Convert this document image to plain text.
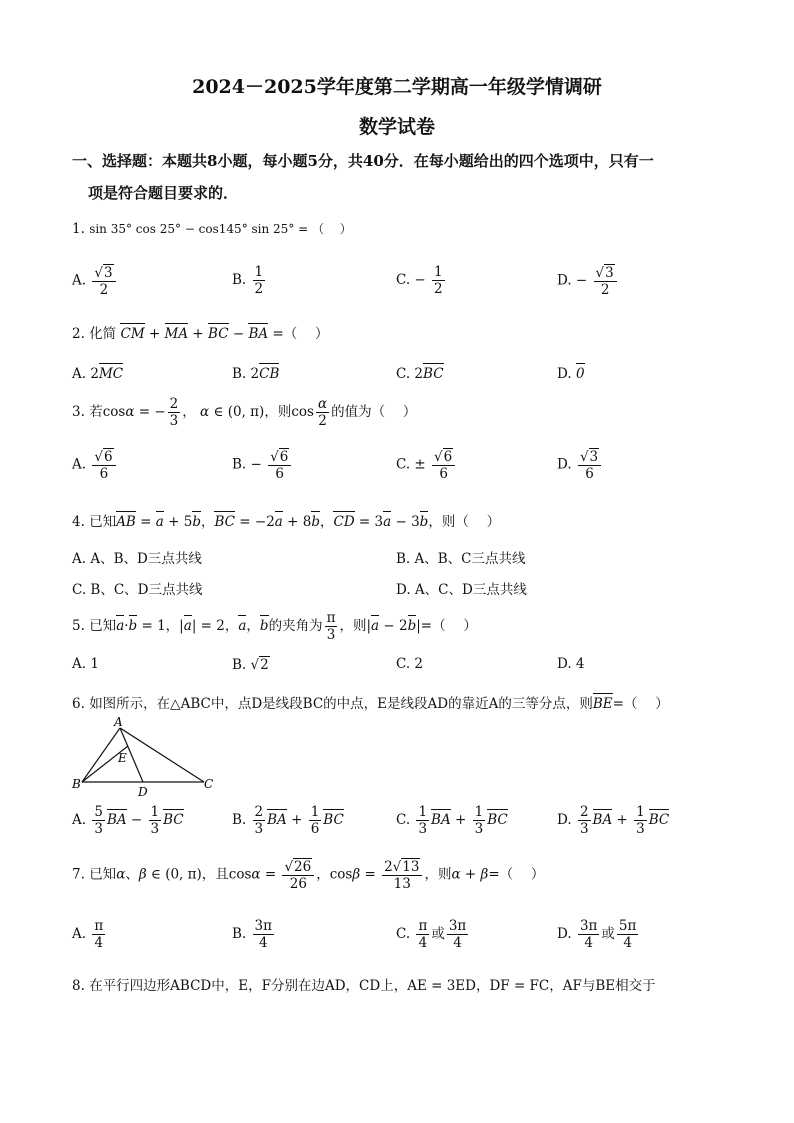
2024－2025学年度第二学期高一年级学情调研
数学试卷
一、选择题：本题共8小题，每小题5分，共40分．在每小题给出的四个选项中，只有一
项是符合题目要求的．
1. sin 35° cos 25° − cos145° sin 25° = （　 ）
A. $\frac{√3}{2}$	B. $\frac{1}{2}$	C. − $\frac{1}{2}$	D. − $\frac{√3}{2}$
2. 化简 CM + MA + BC − BA =（　 ）
A. 2MC	B. 2CB	C. 2BC	D. 0
3. 若cosα = − $\frac{2}{3}$ ， α ∈ (0, π)，则$\cos \frac{\alpha}{2}$ 的值为（　 ）
A. $\frac{√6}{6}$	B. − $\frac{√6}{6}$	C. ± $\frac{√6}{6}$	D. $\frac{√3}{6}$
4. 已知AB = a + 5b，BC = −2a + 8b，CD = 3a − 3b，则（　 ）
A. A、B、D三点共线	B. A、B、C三点共线
C. B、C、D三点共线	D. A、C、D三点共线
5. 已知a·b = 1，|a| = 2，a，b的夹角为 $\frac{\pi}{3}$ ，则|a − 2b|=（　 ）
A. 1	B. √2	C. 2	D. 4
6. 如图所示，在△ABC中，点D是线段BC的中点，E是线段AD的靠近A的三等分点，则BE=（　 ）
A
B	C
D
E
A. $\frac{5}{3}$ BA − $\frac{1}{3}$ BC	B. $\frac{2}{3}$ BA + $\frac{1}{6}$ BC	C. $\frac{1}{3}$ BA + $\frac{1}{3}$ BC	D. $\frac{2}{3}$ BA + $\frac{1}{3}$ BC
7. 已知α、β ∈ (0, π)，且$\cos\alpha = \frac{√26}{26}$ ，$\cos\beta = \frac{2√13}{13}$ ，则α + β=（　 ）
A. $\frac{\pi}{4}$	B. $\frac{3\pi}{4}$	C. $\frac{\pi}{4}$ 或 $\frac{3\pi}{4}$	D. $\frac{3\pi}{4}$ 或 $\frac{5\pi}{4}$
8. 在平行四边形ABCD中，E，F分别在边AD，CD上，AE = 3ED，DF = FC，AF与BE相交于
